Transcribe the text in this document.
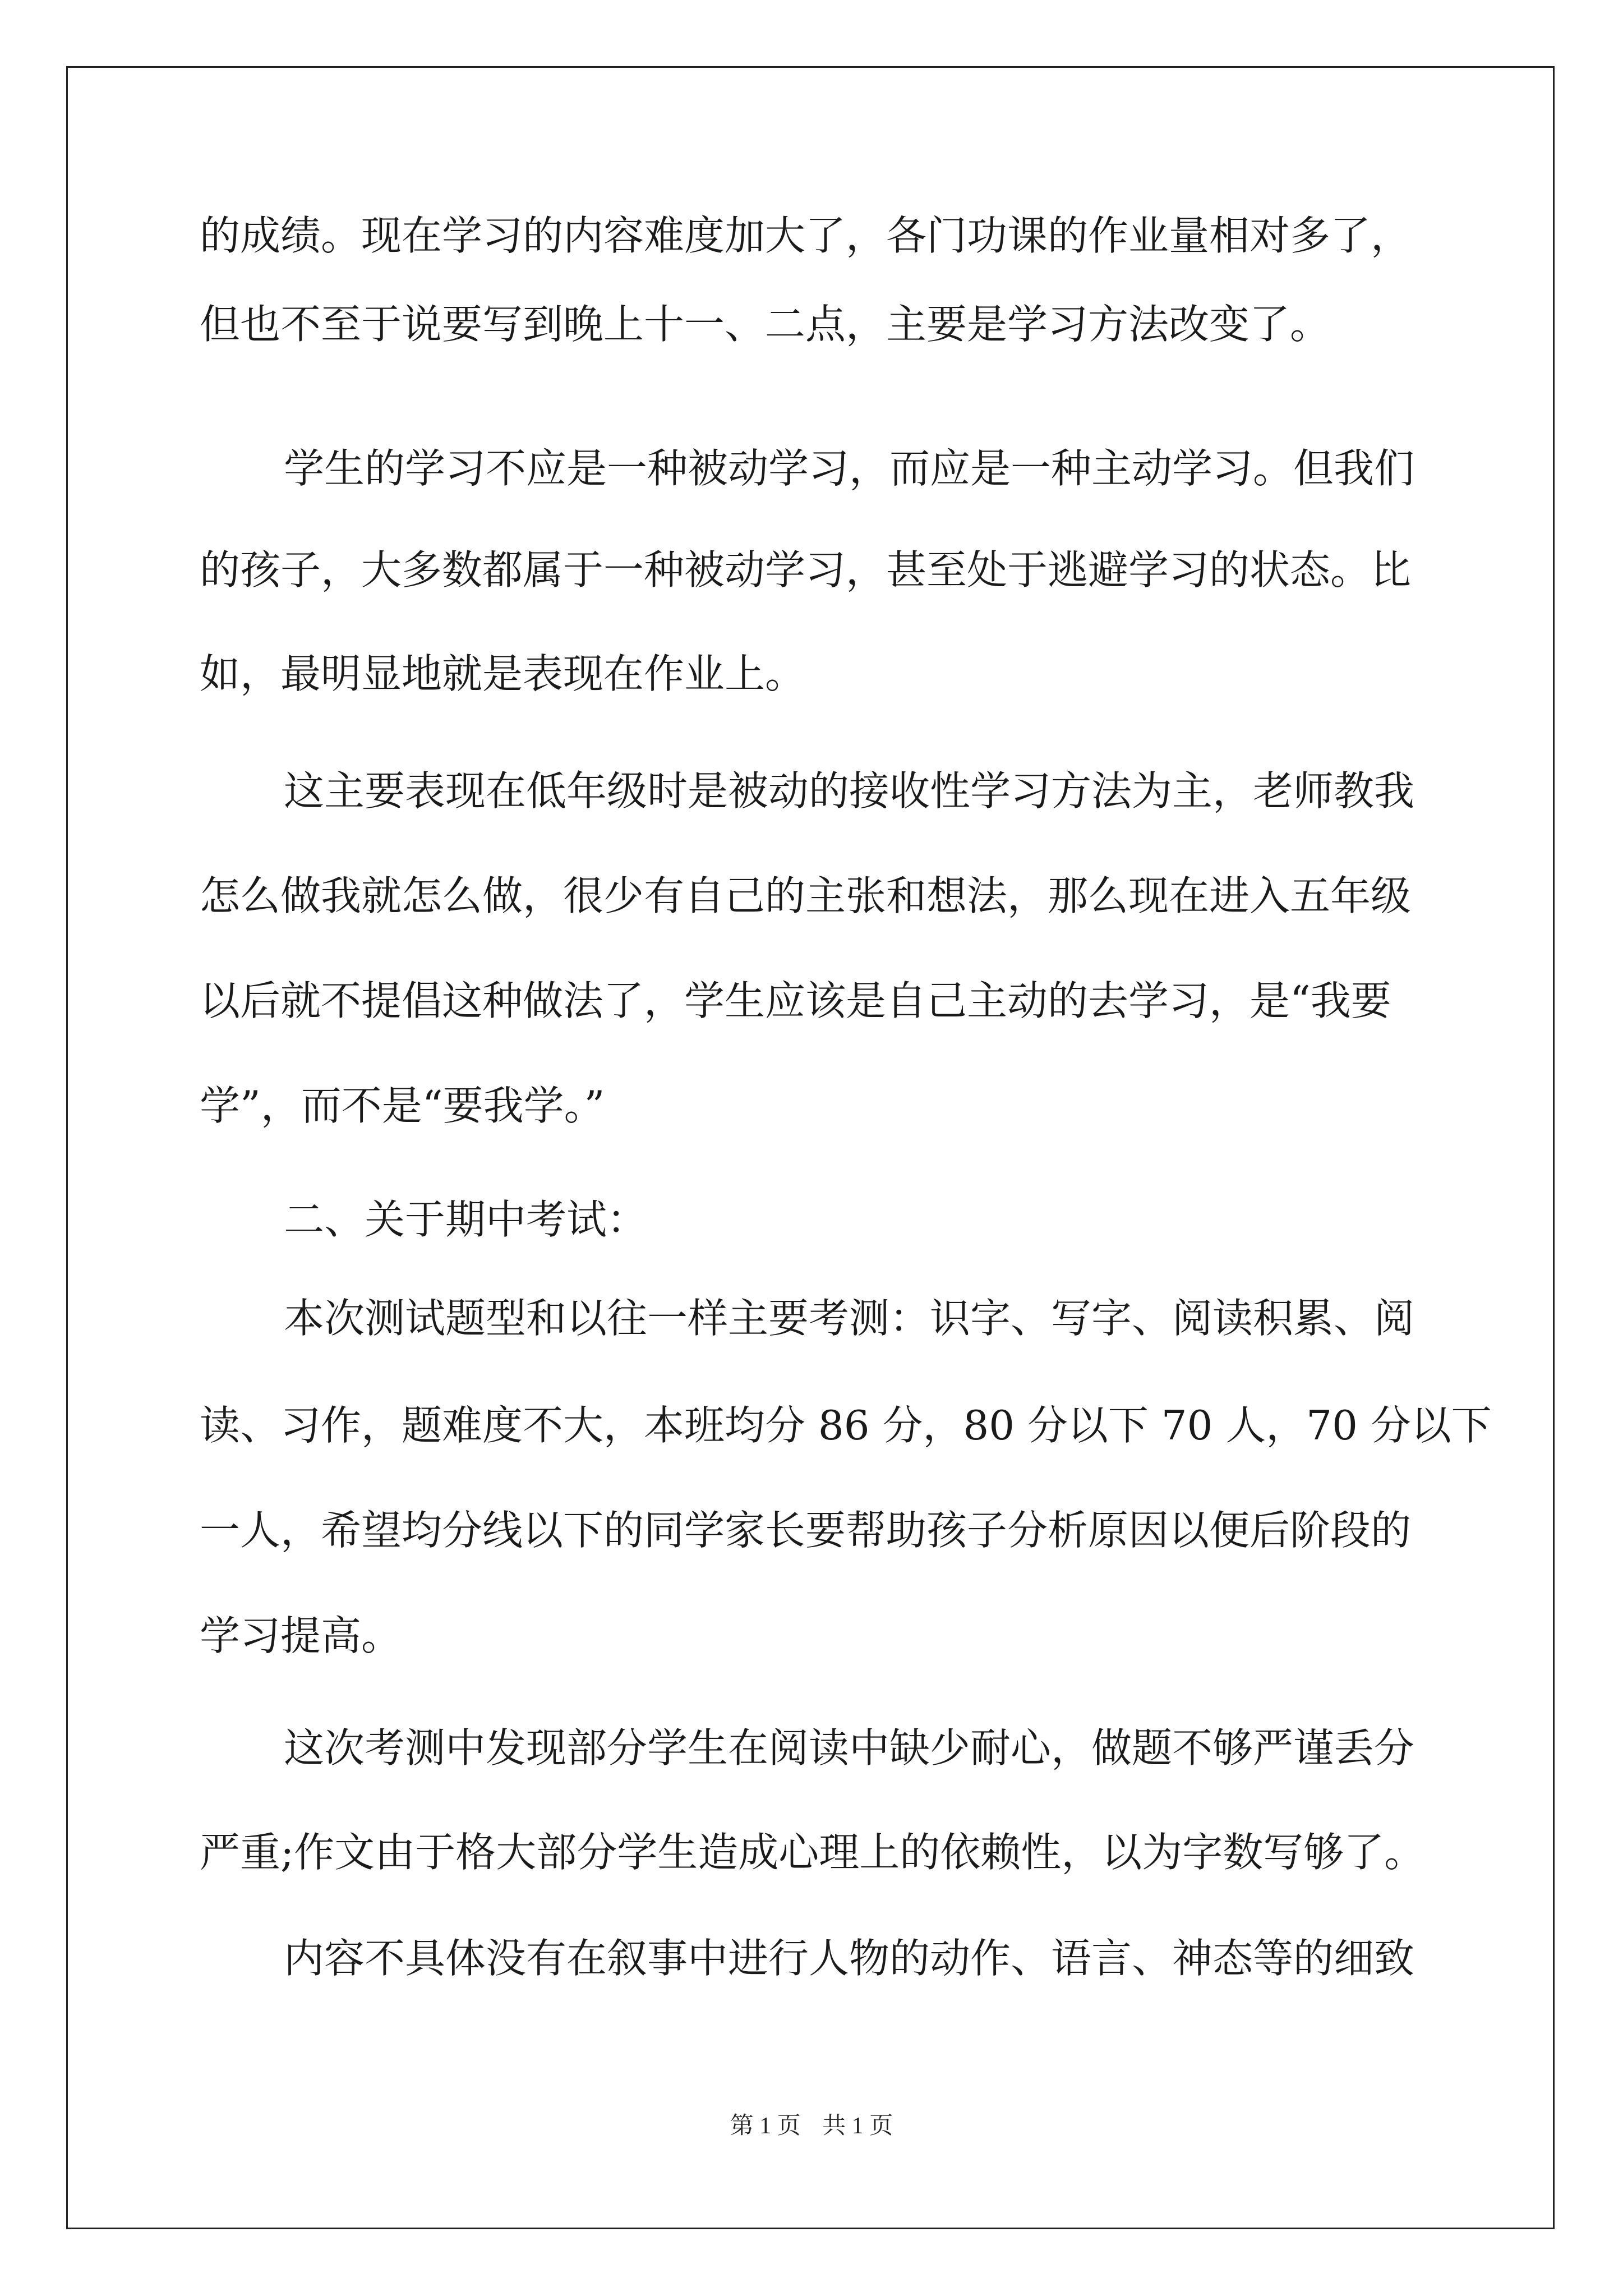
的成绩。现在学习的内容难度加大了，各门功课的作业量相对多了，
但也不至于说要写到晚上十一、二点，主要是学习方法改变了。
学生的学习不应是一种被动学习，而应是一种主动学习。但我们
的孩子，大多数都属于一种被动学习，甚至处于逃避学习的状态。比
如，最明显地就是表现在作业上。
这主要表现在低年级时是被动的接收性学习方法为主，老师教我
怎么做我就怎么做，很少有自己的主张和想法，那么现在进入五年级
以后就不提倡这种做法了，学生应该是自己主动的去学习，是“我要
学”，而不是“要我学。”
二、关于期中考试：
本次测试题型和以往一样主要考测：识字、写字、阅读积累、阅
读、习作，题难度不大，本班均分 86 分，80 分以下 70 人，70 分以下
一人，希望均分线以下的同学家长要帮助孩子分析原因以便后阶段的
学习提高。
这次考测中发现部分学生在阅读中缺少耐心，做题不够严谨丢分
严重;作文由于格大部分学生造成心理上的依赖性，以为字数写够了。
内容不具体没有在叙事中进行人物的动作、语言、神态等的细致
第 1 页 共 1 页
